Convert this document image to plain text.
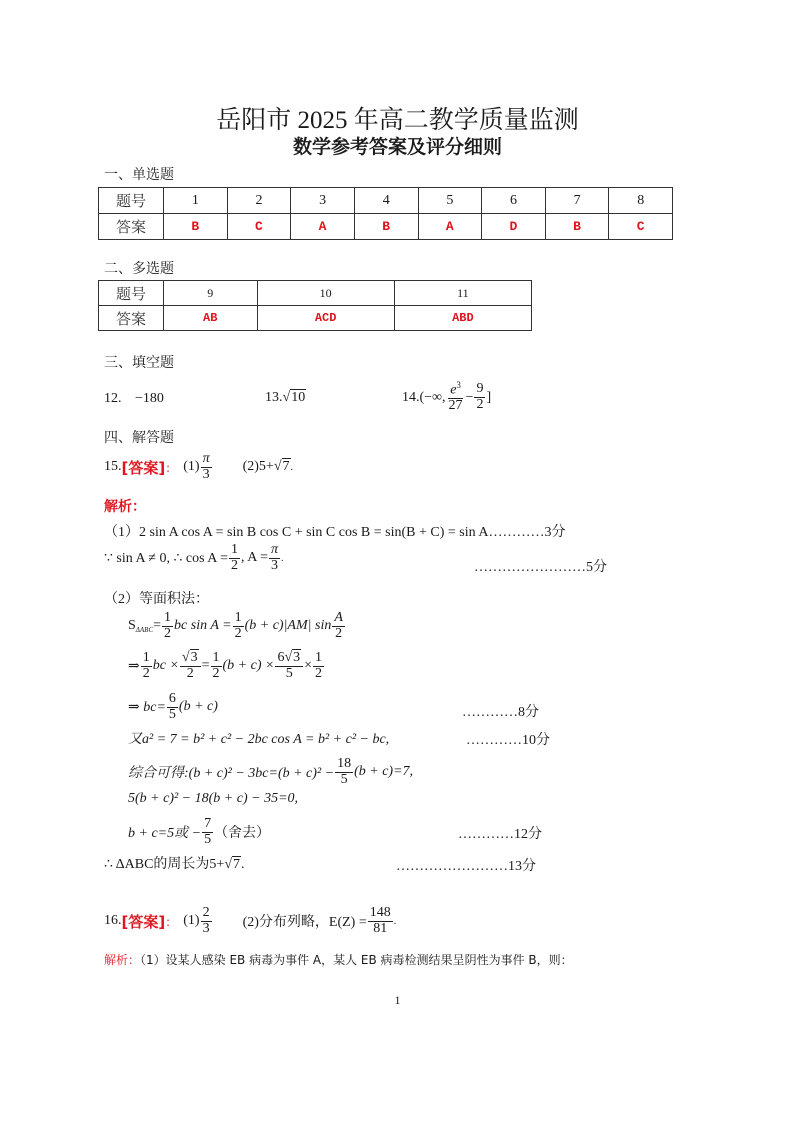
岳阳市 2025 年高二教学质量监测
数学参考答案及评分细则
一、单选题
题号	1	2	3	4	5	6	7	8
答案	B	C	A	B	A	D	B	C
二、多选题
题号	9	10	11
答案	AB	ACD	ABD
三、填空题
12. −180	13.√10	14. (−∞, $\frac{e^3}{27} - \frac{9}{2}$ ]
四、解答题
15. [答案] ： $(1) \frac{\pi}{3} (2)5+ √7$ .
解析：
（1）2 sin A cos A = sin B cos C + sin C cos B = sin(B + C) = sin A…………3分
∵ sin A ≠ 0, ∴ $\cos A = \frac{1}{2}$ , $A = \frac{\pi}{3}$ .
……………………5分
（2）等面积法：
$S_{\Delta ABC} = \frac{1}{2}$ bc $\sin A = \frac{1}{2} (b + c)|AM|$ $\sin \frac{A}{2}$
⇒ $\frac{1}{2}$ bc × $\frac{√3}{2} = \frac{1}{2} (b + c) \times \frac{6√3}{5} \times \frac{1}{2}$
⇒ $bc= \frac{6}{5} (b + c)$	…………8分
又a² = 7 = b² + c² − 2bc cos A = b² + c² − bc,	…………10分
综合可得:(b + $c)^2 - 3bc=(b + c)^2 - \frac{18}{5} (b + c)=7$,
5(b + c)² − 18(b + c) − 35=0,
b + c=5或 − $\frac{7}{5}$ （舍去）	…………12分
∴ ΔABC的周长为5+√7.	……………………13分
16. [答案] ： $(1) \frac{2}{3} (2)$分布列略，$E(Z) = \frac{148}{81}$ .
解析：（1）设某人感染 EB 病毒为事件 A，某人 EB 病毒检测结果呈阴性为事件 B，则：
1
